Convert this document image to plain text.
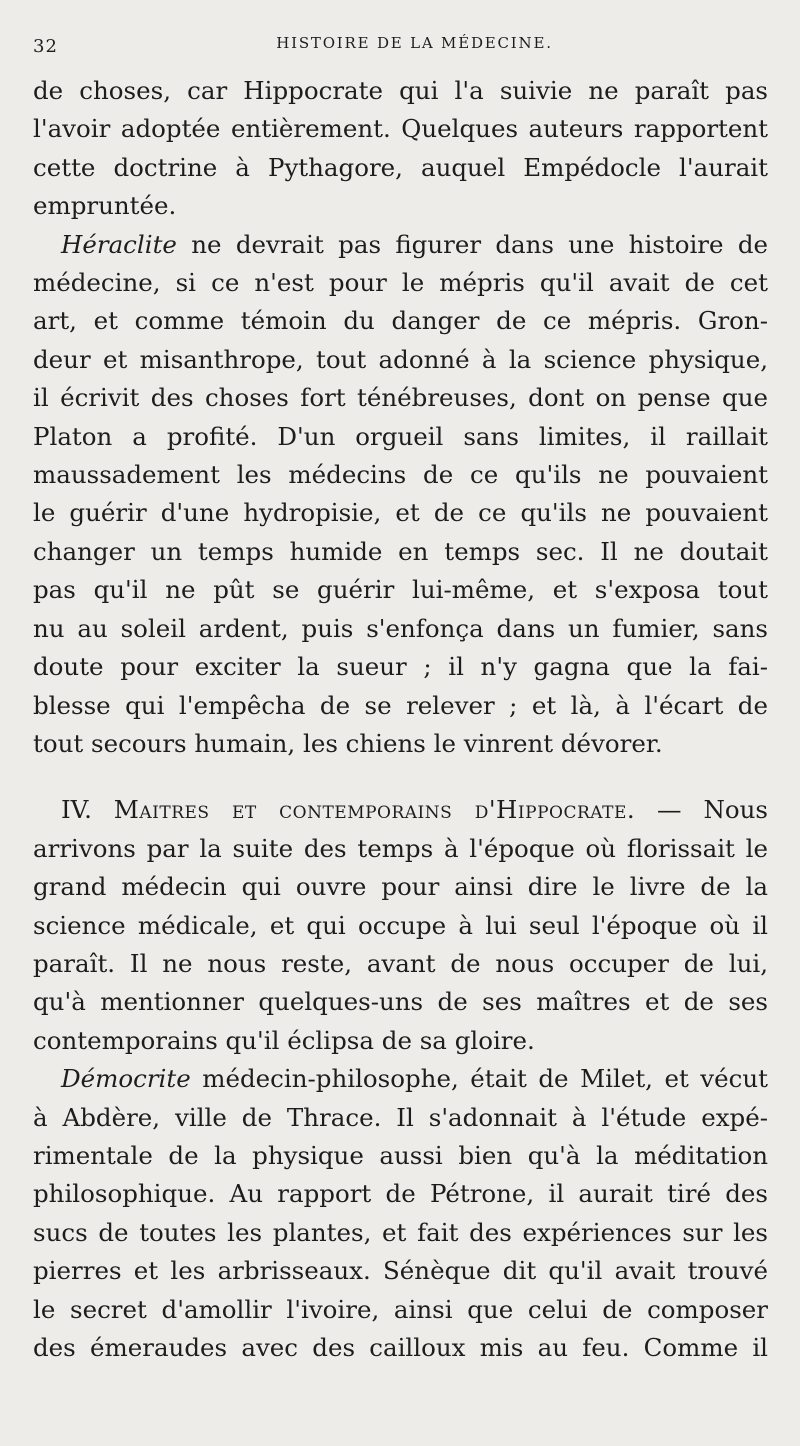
32	HISTOIRE DE LA MÉDECINE.

de choses, car Hippocrate qui l'a suivie ne paraît pas
l'avoir adoptée entièrement. Quelques auteurs rapportent
cette doctrine à Pythagore, auquel Empédocle l'aurait
empruntée.

Héraclite ne devrait pas figurer dans une histoire de
médecine, si ce n'est pour le mépris qu'il avait de cet
art, et comme témoin du danger de ce mépris. Gron-
deur et misanthrope, tout adonné à la science physique,
il écrivit des choses fort ténébreuses, dont on pense que
Platon a profité. D'un orgueil sans limites, il raillait
maussadement les médecins de ce qu'ils ne pouvaient
le guérir d'une hydropisie, et de ce qu'ils ne pouvaient
changer un temps humide en temps sec. Il ne doutait
pas qu'il ne pût se guérir lui-même, et s'exposa tout
nu au soleil ardent, puis s'enfonça dans un fumier, sans
doute pour exciter la sueur ; il n'y gagna que la fai-
blesse qui l'empêcha de se relever ; et là, à l'écart de
tout secours humain, les chiens le vinrent dévorer.

IV. Maitres et contemporains d'Hippocrate. — Nous
arrivons par la suite des temps à l'époque où florissait le
grand médecin qui ouvre pour ainsi dire le livre de la
science médicale, et qui occupe à lui seul l'époque où il
paraît. Il ne nous reste, avant de nous occuper de lui,
qu'à mentionner quelques-uns de ses maîtres et de ses
contemporains qu'il éclipsa de sa gloire.

Démocrite médecin-philosophe, était de Milet, et vécut
à Abdère, ville de Thrace. Il s'adonnait à l'étude expé-
rimentale de la physique aussi bien qu'à la méditation
philosophique. Au rapport de Pétrone, il aurait tiré des
sucs de toutes les plantes, et fait des expériences sur les
pierres et les arbrisseaux. Sénèque dit qu'il avait trouvé
le secret d'amollir l'ivoire, ainsi que celui de composer
des émeraudes avec des cailloux mis au feu. Comme il
